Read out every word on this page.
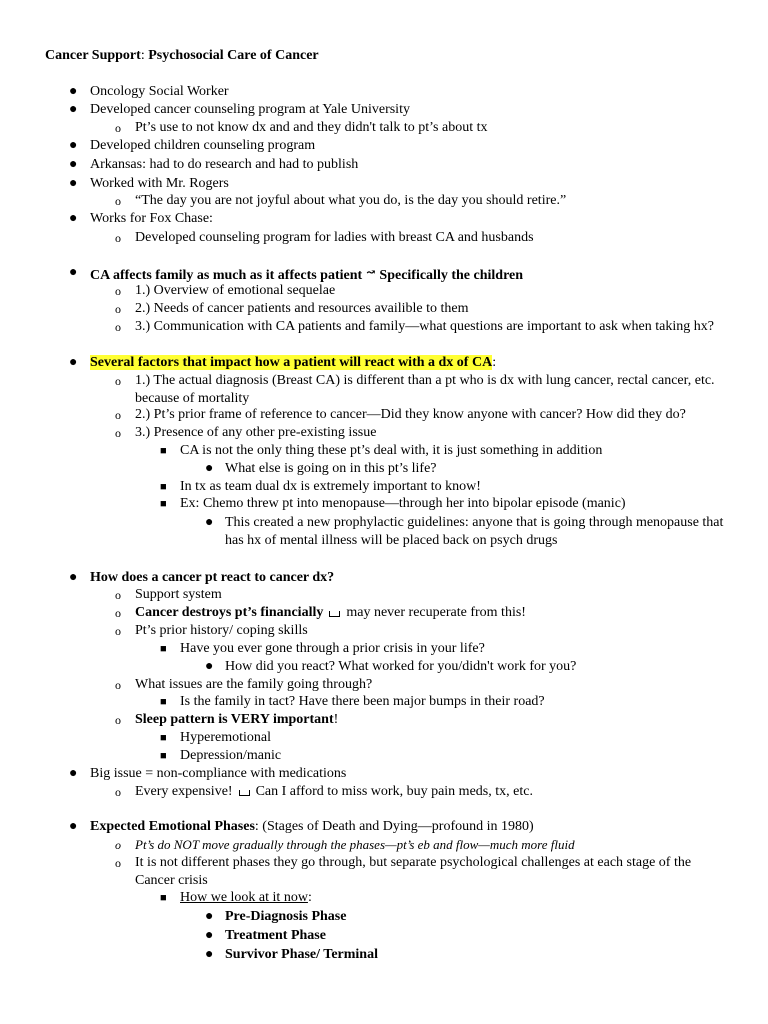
Cancer Support: Psychosocial Care of Cancer
● Oncology Social Worker
● Developed cancer counseling program at Yale University
o Pt’s use to not know dx and and they didn't talk to pt’s about tx
● Developed children counseling program
● Arkansas: had to do research and had to publish
● Worked with Mr. Rogers
o “The day you are not joyful about what you do, is the day you should retire.”
● Works for Fox Chase:
o Developed counseling program for ladies with breast CA and husbands
● CA affects family as much as it affects patient ↝ Specifically the children
o 1.) Overview of emotional sequelae
o 2.) Needs of cancer patients and resources availible to them
o 3.) Communication with CA patients and family—what questions are important to ask when taking hx?
● Several factors that impact how a patient will react with a dx of CA:
o 1.) The actual diagnosis (Breast CA) is different than a pt who is dx with lung cancer, rectal cancer, etc. because of mortality
o 2.) Pt’s prior frame of reference to cancer—Did they know anyone with cancer? How did they do?
o 3.) Presence of any other pre-existing issue
■ CA is not the only thing these pt’s deal with, it is just something in addition
● What else is going on in this pt’s life?
■ In tx as team dual dx is extremely important to know!
■ Ex: Chemo threw pt into menopause—through her into bipolar episode (manic)
● This created a new prophylactic guidelines: anyone that is going through menopause that has hx of mental illness will be placed back on psych drugs
● How does a cancer pt react to cancer dx?
o Support system
o Cancer destroys pt’s financially may never recuperate from this!
o Pt’s prior history/ coping skills
■ Have you ever gone through a prior crisis in your life?
● How did you react? What worked for you/didn't work for you?
o What issues are the family going through?
■ Is the family in tact? Have there been major bumps in their road?
o Sleep pattern is VERY important!
■ Hyperemotional
■ Depression/manic
● Big issue = non-compliance with medications
o Every expensive! Can I afford to miss work, buy pain meds, tx, etc.
● Expected Emotional Phases: (Stages of Death and Dying—profound in 1980)
o Pt’s do NOT move gradually through the phases—pt’s eb and flow—much more fluid
o It is not different phases they go through, but separate psychological challenges at each stage of the Cancer crisis
■ How we look at it now:
● Pre-Diagnosis Phase
● Treatment Phase
● Survivor Phase/ Terminal
